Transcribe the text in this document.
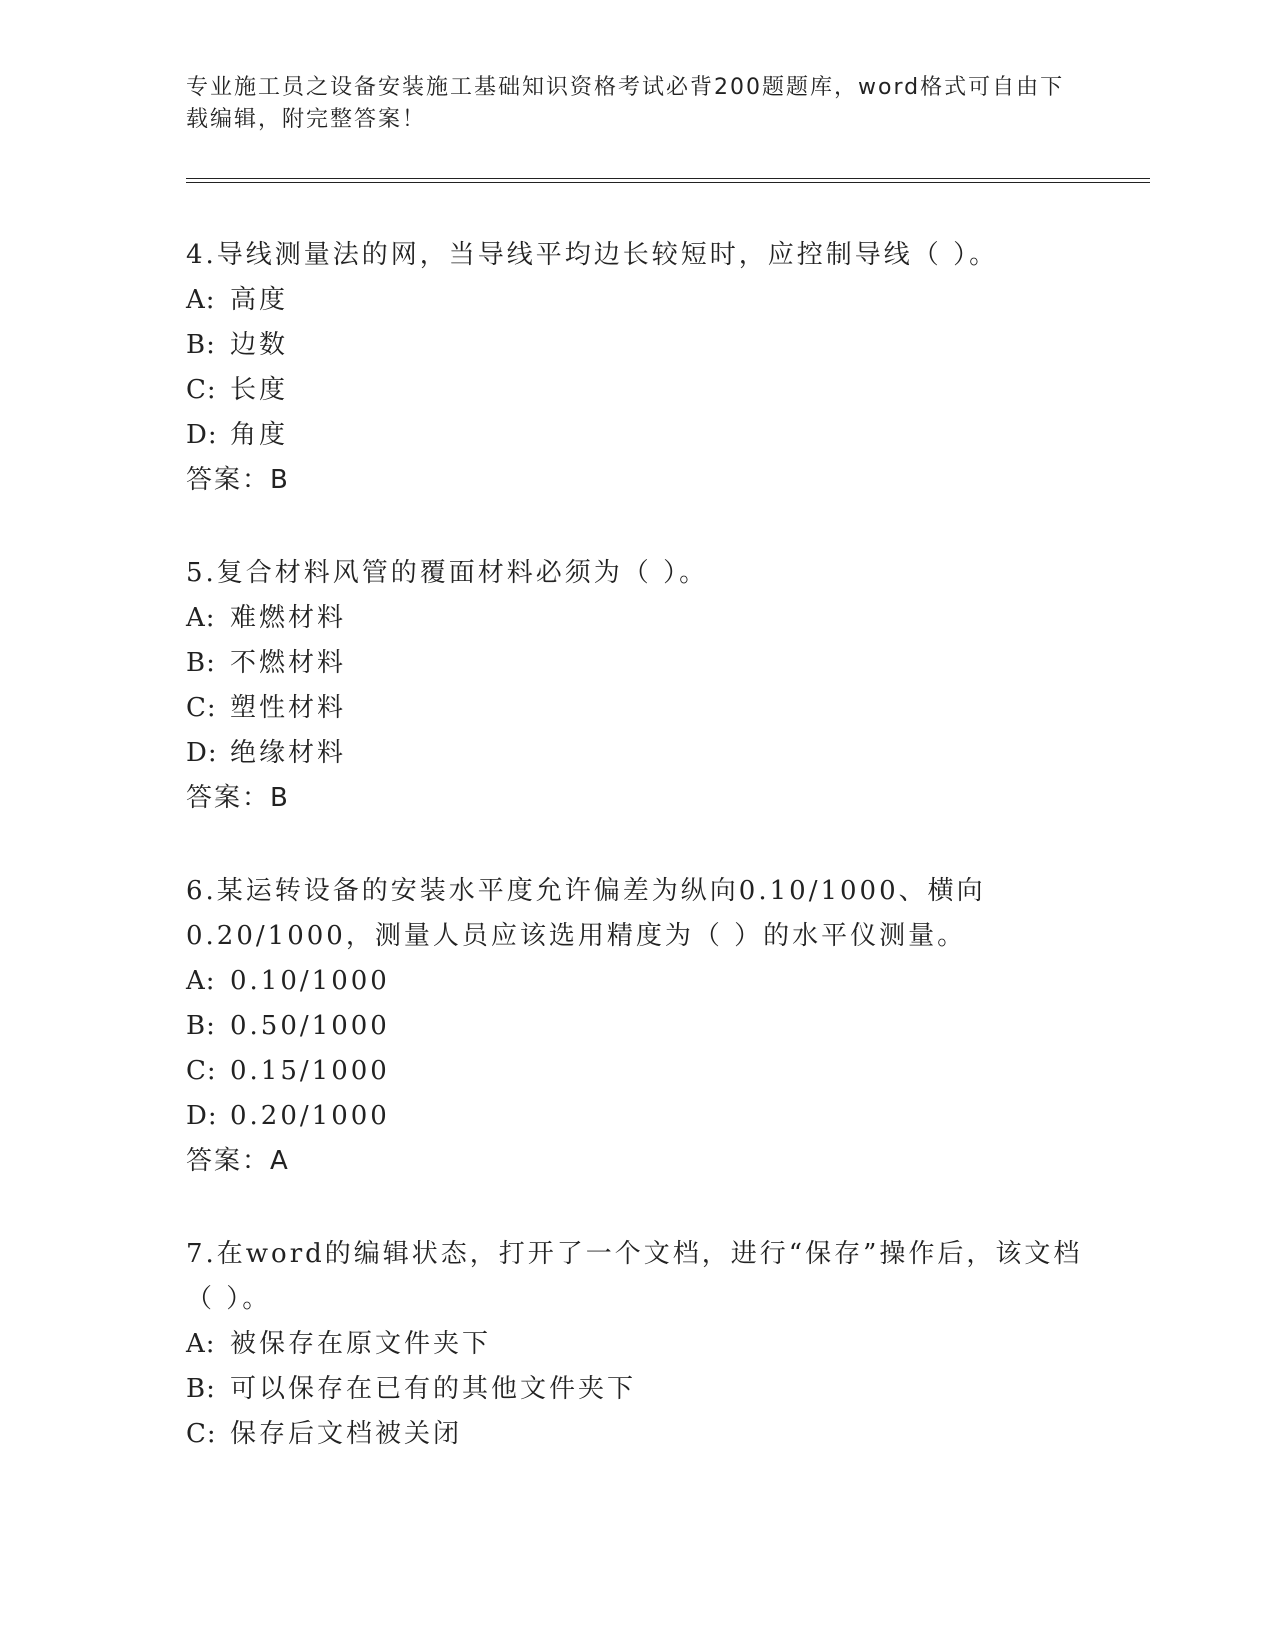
专业施工员之设备安装施工基础知识资格考试必背200题题库，word格式可自由下载编辑，附完整答案！

4.导线测量法的网，当导线平均边长较短时，应控制导线（ ）。

A: 高度
B: 边数
C: 长度
D: 角度
答案：B

5.复合材料风管的覆面材料必须为（ ）。

A: 难燃材料
B: 不燃材料
C: 塑性材料
D: 绝缘材料
答案：B

6.某运转设备的安装水平度允许偏差为纵向0.10/1000、横向0.20/1000，测量人员应该选用精度为（ ）的水平仪测量。

A: 0.10/1000
B: 0.50/1000
C: 0.15/1000
D: 0.20/1000
答案：A

7.在word的编辑状态，打开了一个文档，进行“保存”操作后，该文档（ ）。

A: 被保存在原文件夹下
B: 可以保存在已有的其他文件夹下
C: 保存后文档被关闭
